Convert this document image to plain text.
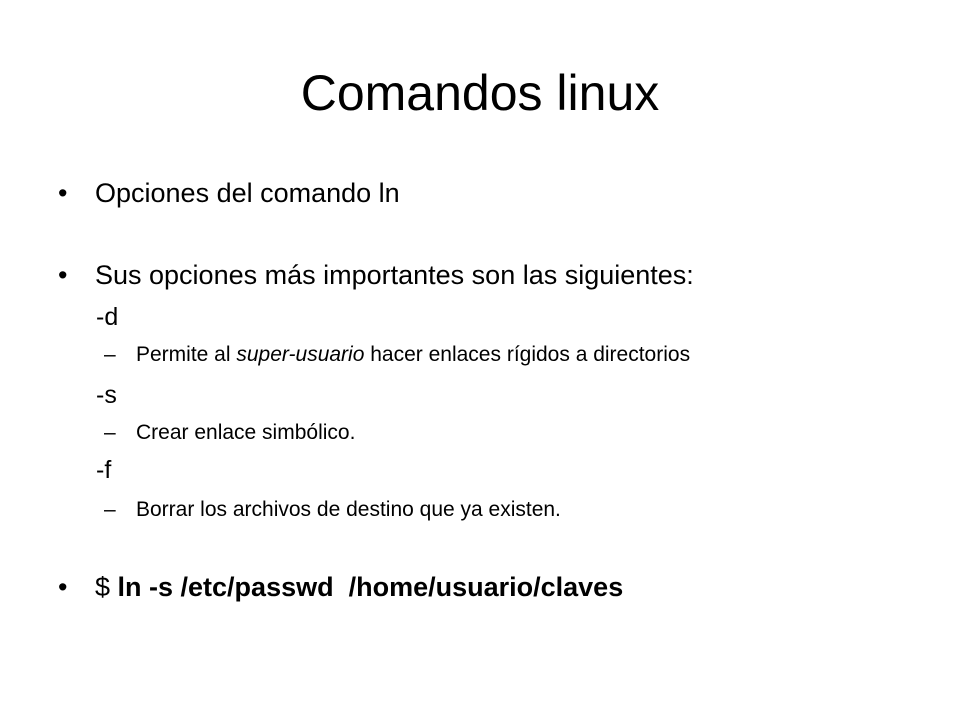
Comandos linux
• Opciones del comando ln
• Sus opciones más importantes son las siguientes:
-d
– Permite al super-usuario hacer enlaces rígidos a directorios
-s
– Crear enlace simbólico.
-f
– Borrar los archivos de destino que ya existen.
• $ ln -s /etc/passwd  /home/usuario/claves
